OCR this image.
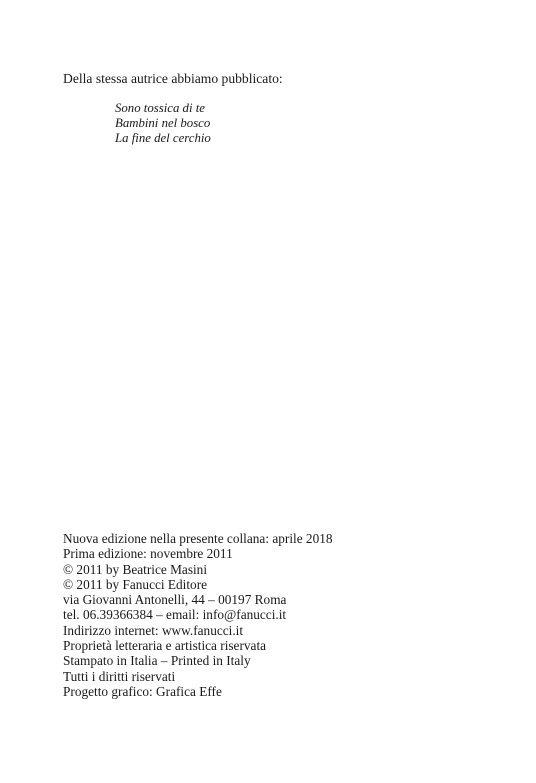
Della stessa autrice abbiamo pubblicato:
Sono tossica di te
Bambini nel bosco
La fine del cerchio
Nuova edizione nella presente collana: aprile 2018
Prima edizione: novembre 2011
© 2011 by Beatrice Masini
© 2011 by Fanucci Editore
via Giovanni Antonelli, 44 – 00197 Roma
tel. 06.39366384 – email: info@fanucci.it
Indirizzo internet: www.fanucci.it
Proprietà letteraria e artistica riservata
Stampato in Italia – Printed in Italy
Tutti i diritti riservati
Progetto grafico: Grafica Effe
